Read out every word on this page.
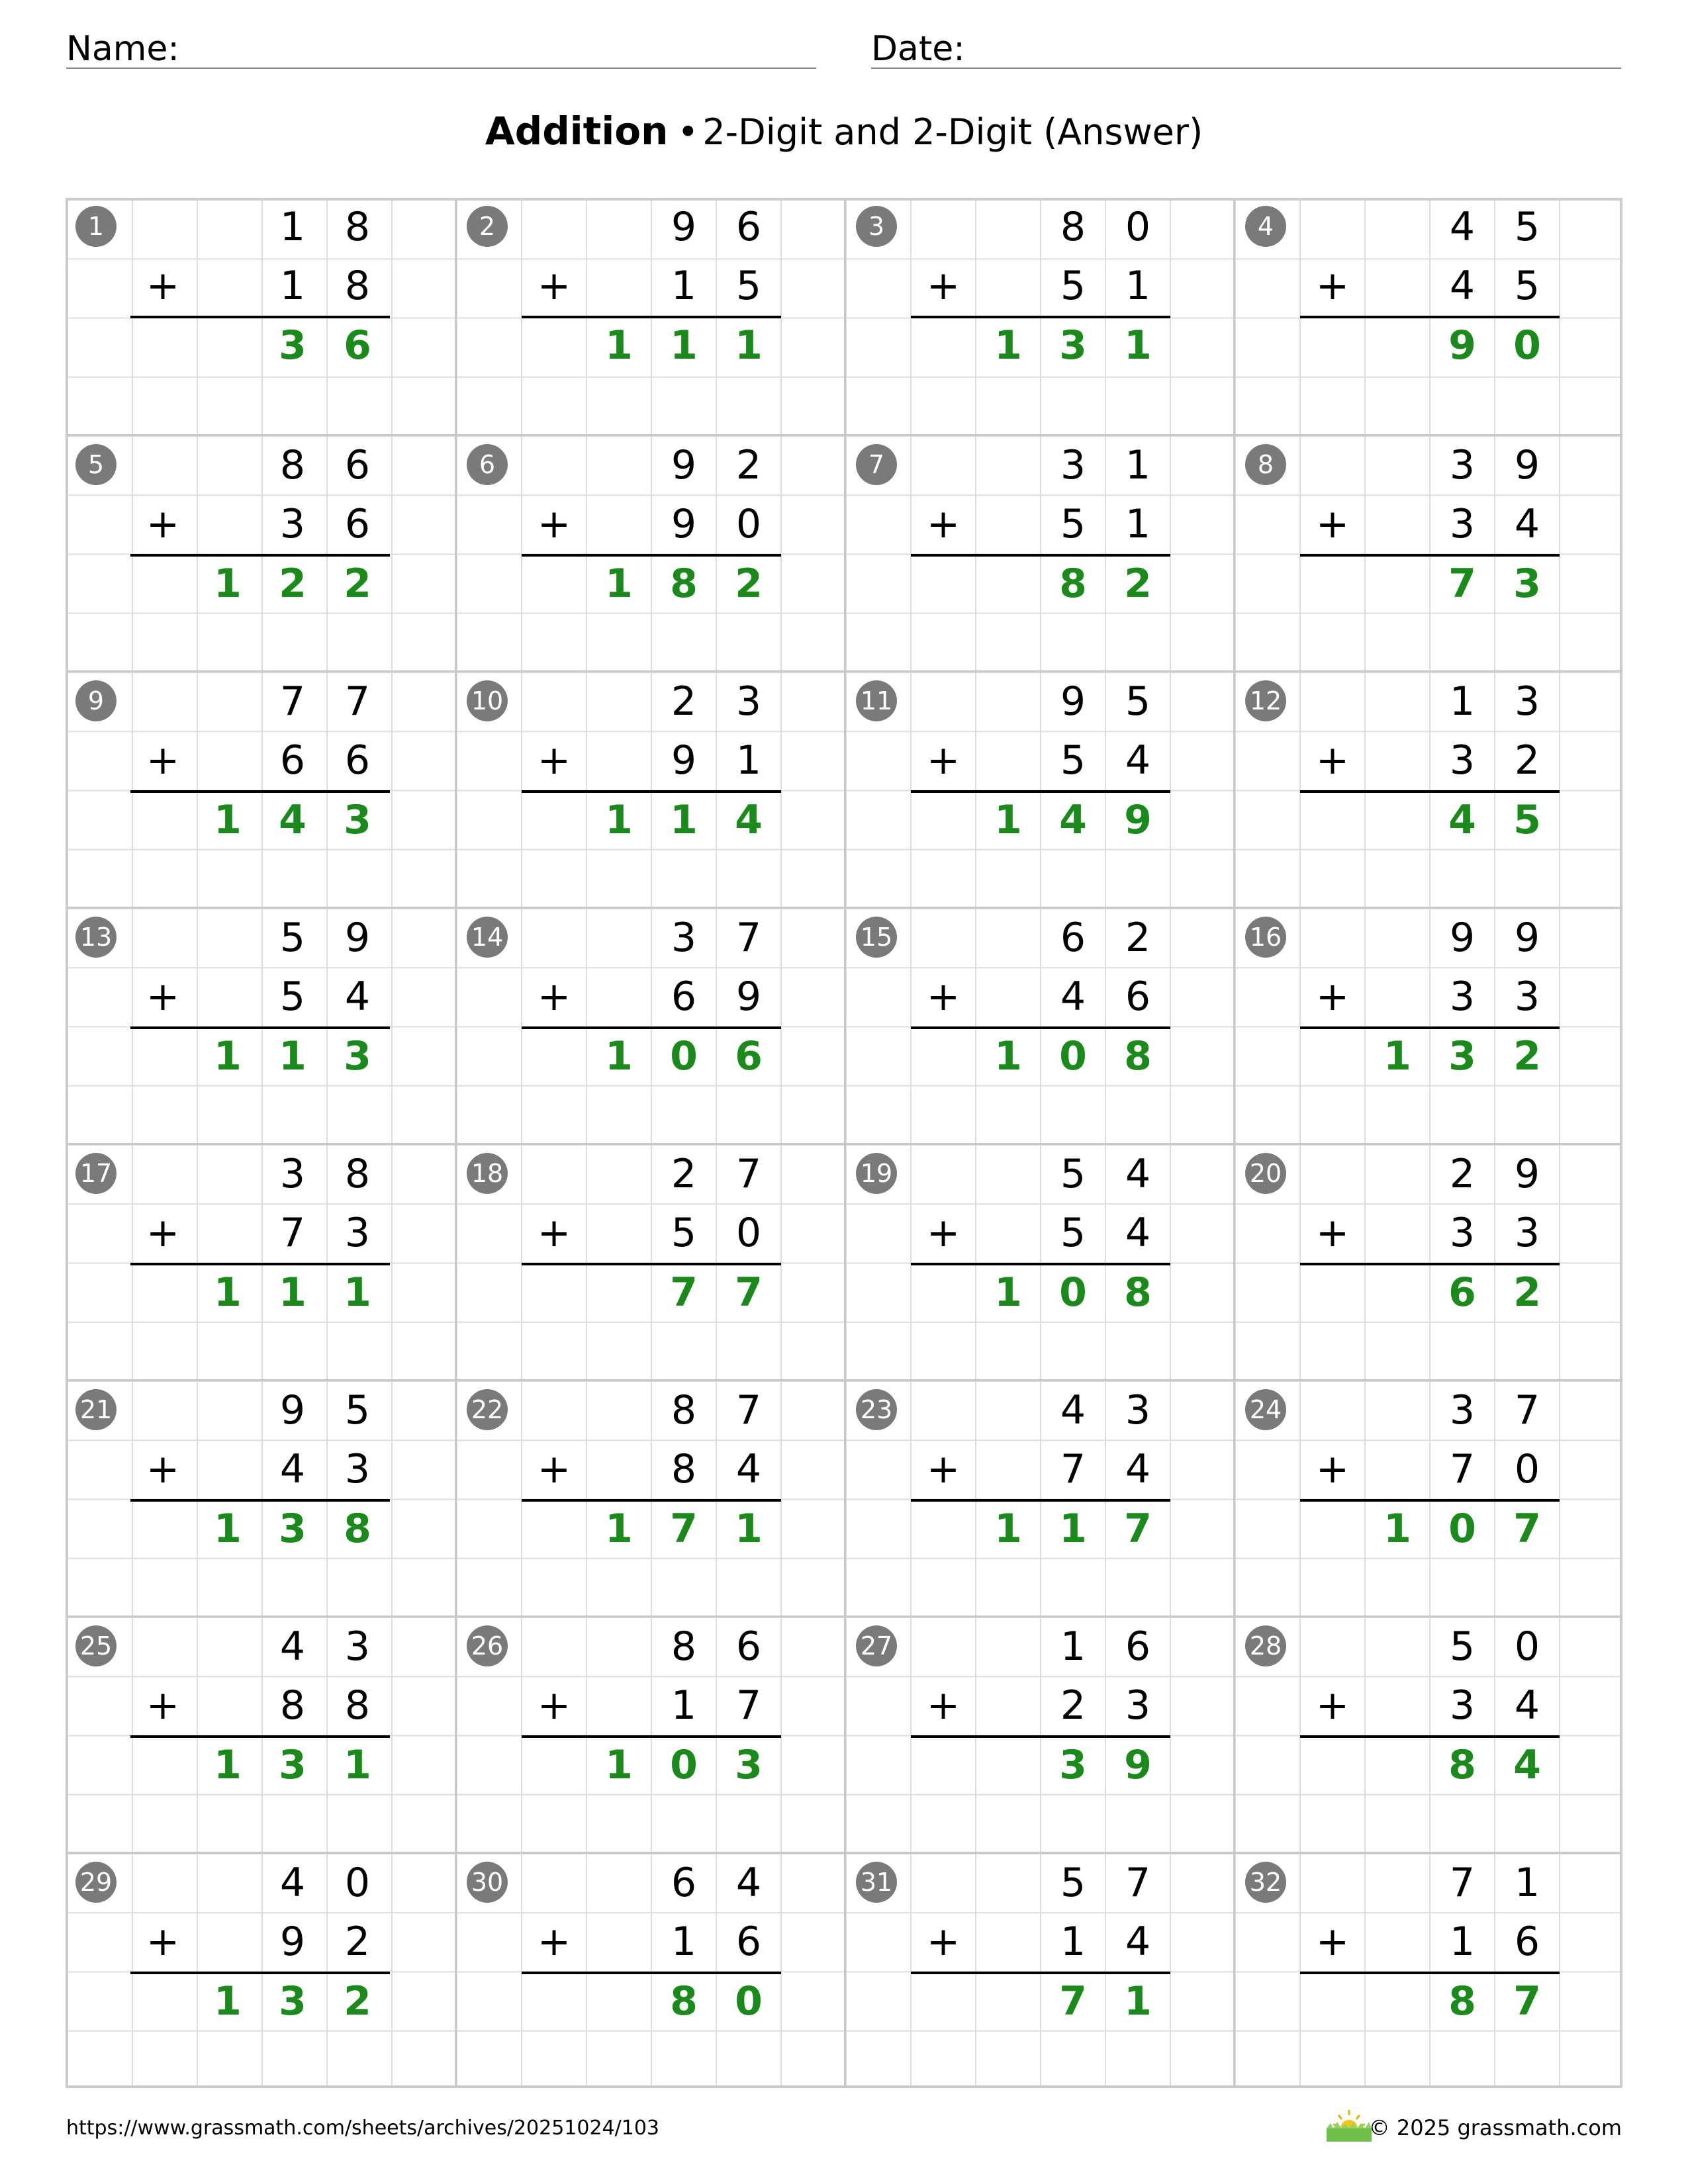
Name:	Date:
Addition • 2-Digit and 2-Digit (Answer)
1	1 8
+	1 8
3 6
2	9 6
+	1 5
1 1 1
3	8 0
+	5 1
1 3 1
4	4 5
+	4 5
9 0
5	8 6
+	3 6
1 2 2
6	9 2
+	9 0
1 8 2
7	3 1
+	5 1
8 2
8	3 9
+	3 4
7 3
9	7 7
+	6 6
1 4 3
10	2 3
+	9 1
1 1 4
11	9 5
+	5 4
1 4 9
12	1 3
+	3 2
4 5
13	5 9
+	5 4
1 1 3
14	3 7
+	6 9
1 0 6
15	6 2
+	4 6
1 0 8
16	9 9
+	3 3
1 3 2
17	3 8
+	7 3
1 1 1
18	2 7
+	5 0
7 7
19	5 4
+	5 4
1 0 8
20	2 9
+	3 3
6 2
21	9 5
+	4 3
1 3 8
22	8 7
+	8 4
1 7 1
23	4 3
+	7 4
1 1 7
24	3 7
+	7 0
1 0 7
25	4 3
+	8 8
1 3 1
26	8 6
+	1 7
1 0 3
27	1 6
+	2 3
3 9
28	5 0
+	3 4
8 4
29	4 0
+	9 2
1 3 2
30	6 4
+	1 6
8 0
31	5 7
+	1 4
7 1
32	7 1
+	1 6
8 7
https://www.grassmath.com/sheets/archives/20251024/103	© 2025 grassmath.com
